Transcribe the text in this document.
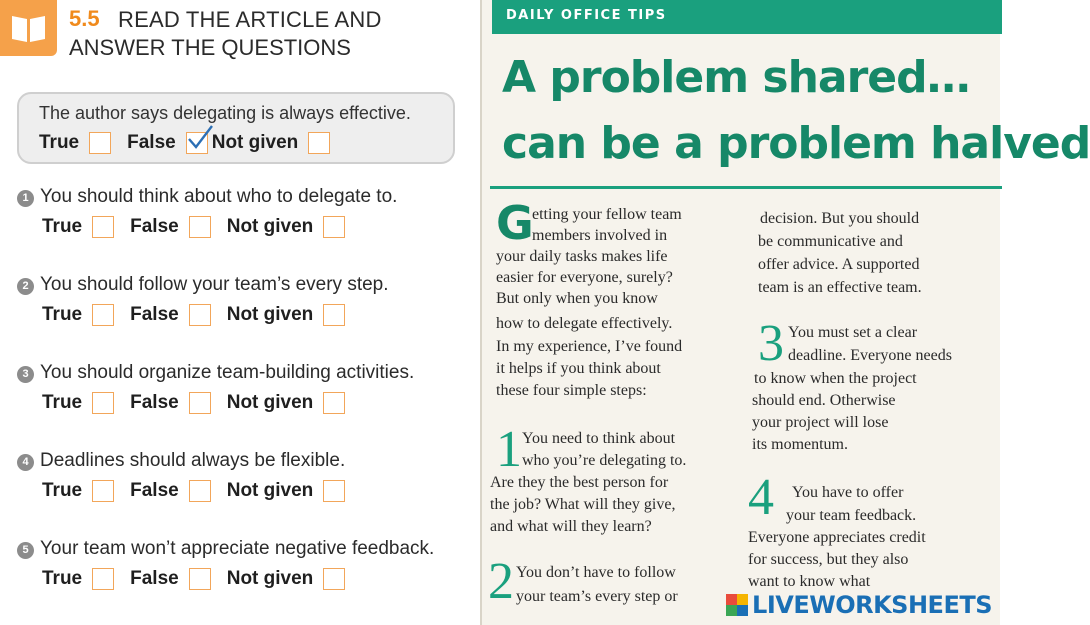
5.5 READ THE ARTICLE AND
ANSWER THE QUESTIONS
The author says delegating is always effective.
True	False Not given
1 You should think about who to delegate to.
True	False	Not given
2 You should follow your team’s every step.
True	False	Not given
3 You should organize team-building activities.
True	False	Not given
4 Deadlines should always be flexible.
True	False	Not given
5 Your team won’t appreciate negative feedback.
True	False	Not given
DAILY OFFICE TIPS
A problem shared…
can be a problem halved
G
etting your fellow team
members involved in
your daily tasks makes life
easier for everyone, surely?
But only when you know
how to delegate effectively.
In my experience, I’ve found
it helps if you think about
these four simple steps:
1 You need to think about
who you’re delegating to.
Are they the best person for
the job? What will they give,
and what will they learn?
2 You don’t have to follow
your team’s every step or
decision. But you should
be communicative and
offer advice. A supported
team is an effective team.
3 You must set a clear
deadline. Everyone needs
to know when the project
should end. Otherwise
your project will lose
its momentum.
4 You have to offer
your team feedback.
Everyone appreciates credit
for success, but they also
want to know what
LIVEWORKSHEETS
